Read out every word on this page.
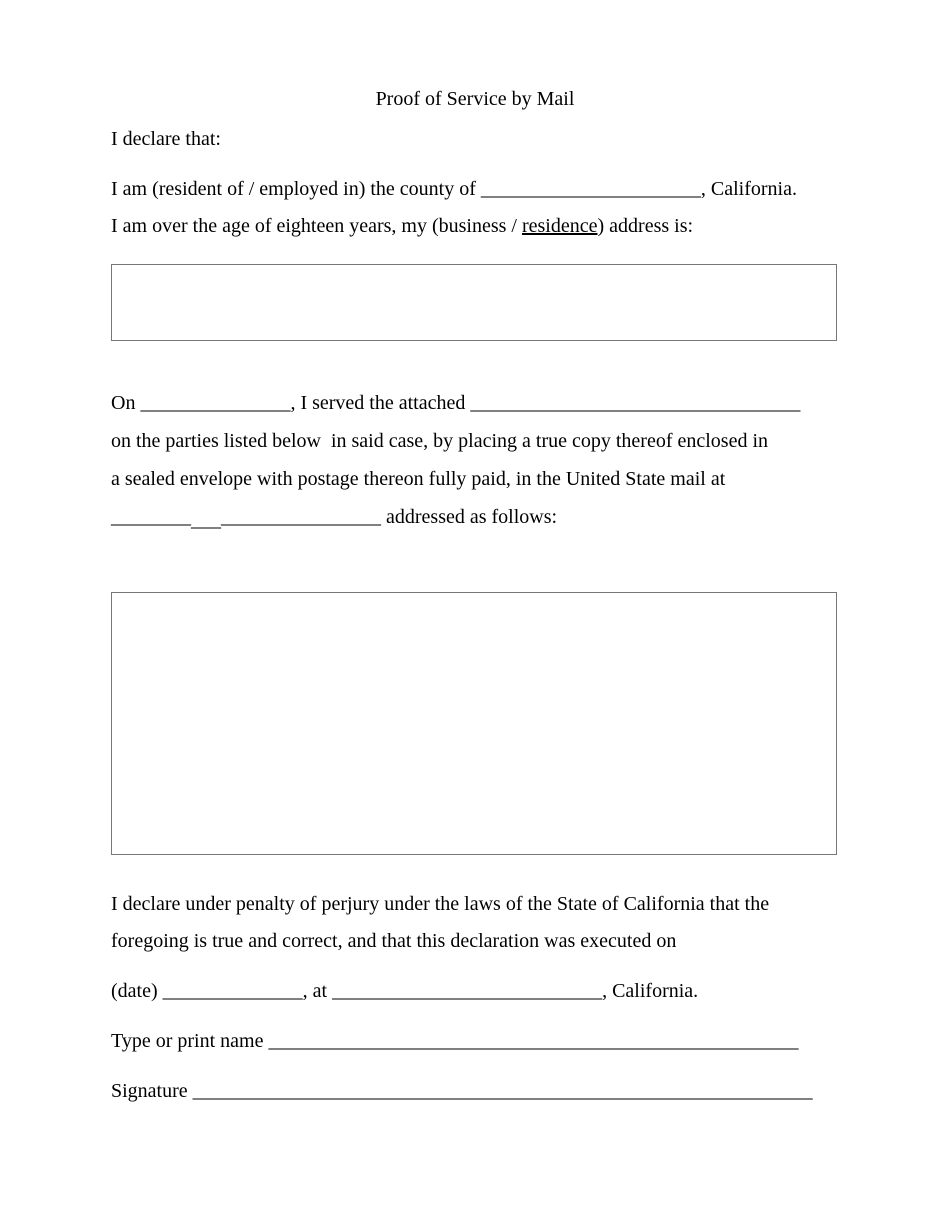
Proof of Service by Mail
I declare that:
I am (resident of / employed in) the county of ______________________, California.
I am over the age of eighteen years, my (business / residence) address is:
On _______________, I served the attached _________________________________
on the parties listed below  in said case, by placing a true copy thereof enclosed in
a sealed envelope with postage thereon fully paid, in the United State mail at
___________________________ addressed as follows:
I declare under penalty of perjury under the laws of the State of California that the
foregoing is true and correct, and that this declaration was executed on
(date) ______________, at ___________________________, California.
Type or print name _____________________________________________________
Signature ______________________________________________________________
